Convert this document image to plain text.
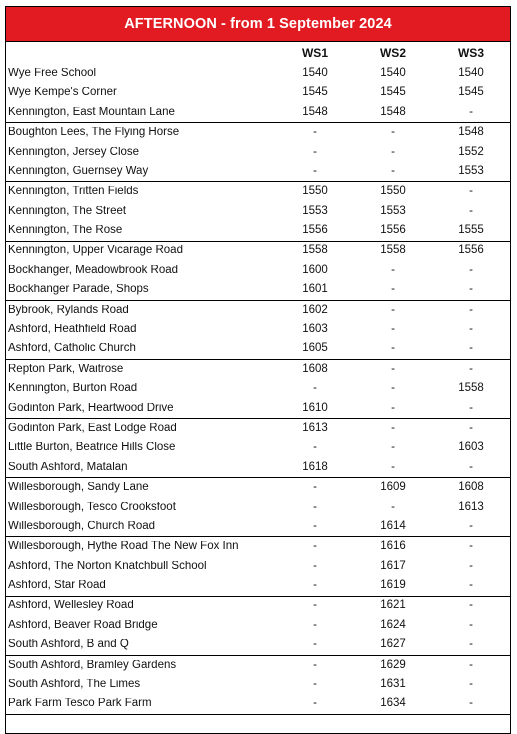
AFTERNOON - from 1 September 2024
WS1	WS2	WS3
Wye Free School	1540	1540	1540
Wye Kempe's Corner	1545	1545	1545
Kennington, East Mountain Lane	1548	1548	-
Boughton Lees, The Flying Horse	-	-	1548
Kennington, Jersey Close	-	-	1552
Kennington, Guernsey Way	-	-	1553
Kennington, Tritten Fields	1550	1550	-
Kennington, The Street	1553	1553	-
Kennington, The Rose	1556	1556	1555
Kennington, Upper Vicarage Road	1558	1558	1556
Bockhanger, Meadowbrook Road	1600	-	-
Bockhanger Parade, Shops	1601	-	-
Bybrook, Rylands Road	1602	-	-
Ashford, Heathfield Road	1603	-	-
Ashford, Catholic Church	1605	-	-
Repton Park, Waitrose	1608	-	-
Kennington, Burton Road	-	-	1558
Godinton Park, Heartwood Drive	1610	-	-
Godinton Park, East Lodge Road	1613	-	-
Little Burton, Beatrice Hills Close	-	-	1603
South Ashford, Matalan	1618	-	-
Willesborough, Sandy Lane	-	1609	1608
Willesborough, Tesco Crooksfoot	-	-	1613
Willesborough, Church Road	-	1614	-
Willesborough, Hythe Road The New Fox Inn	-	1616	-
Ashford, The Norton Knatchbull School	-	1617	-
Ashford, Star Road	-	1619	-
Ashford, Wellesley Road	-	1621	-
Ashford, Beaver Road Bridge	-	1624	-
South Ashford, B and Q	-	1627	-
South Ashford, Bramley Gardens	-	1629	-
South Ashford, The Limes	-	1631	-
Park Farm Tesco Park Farm	-	1634	-
